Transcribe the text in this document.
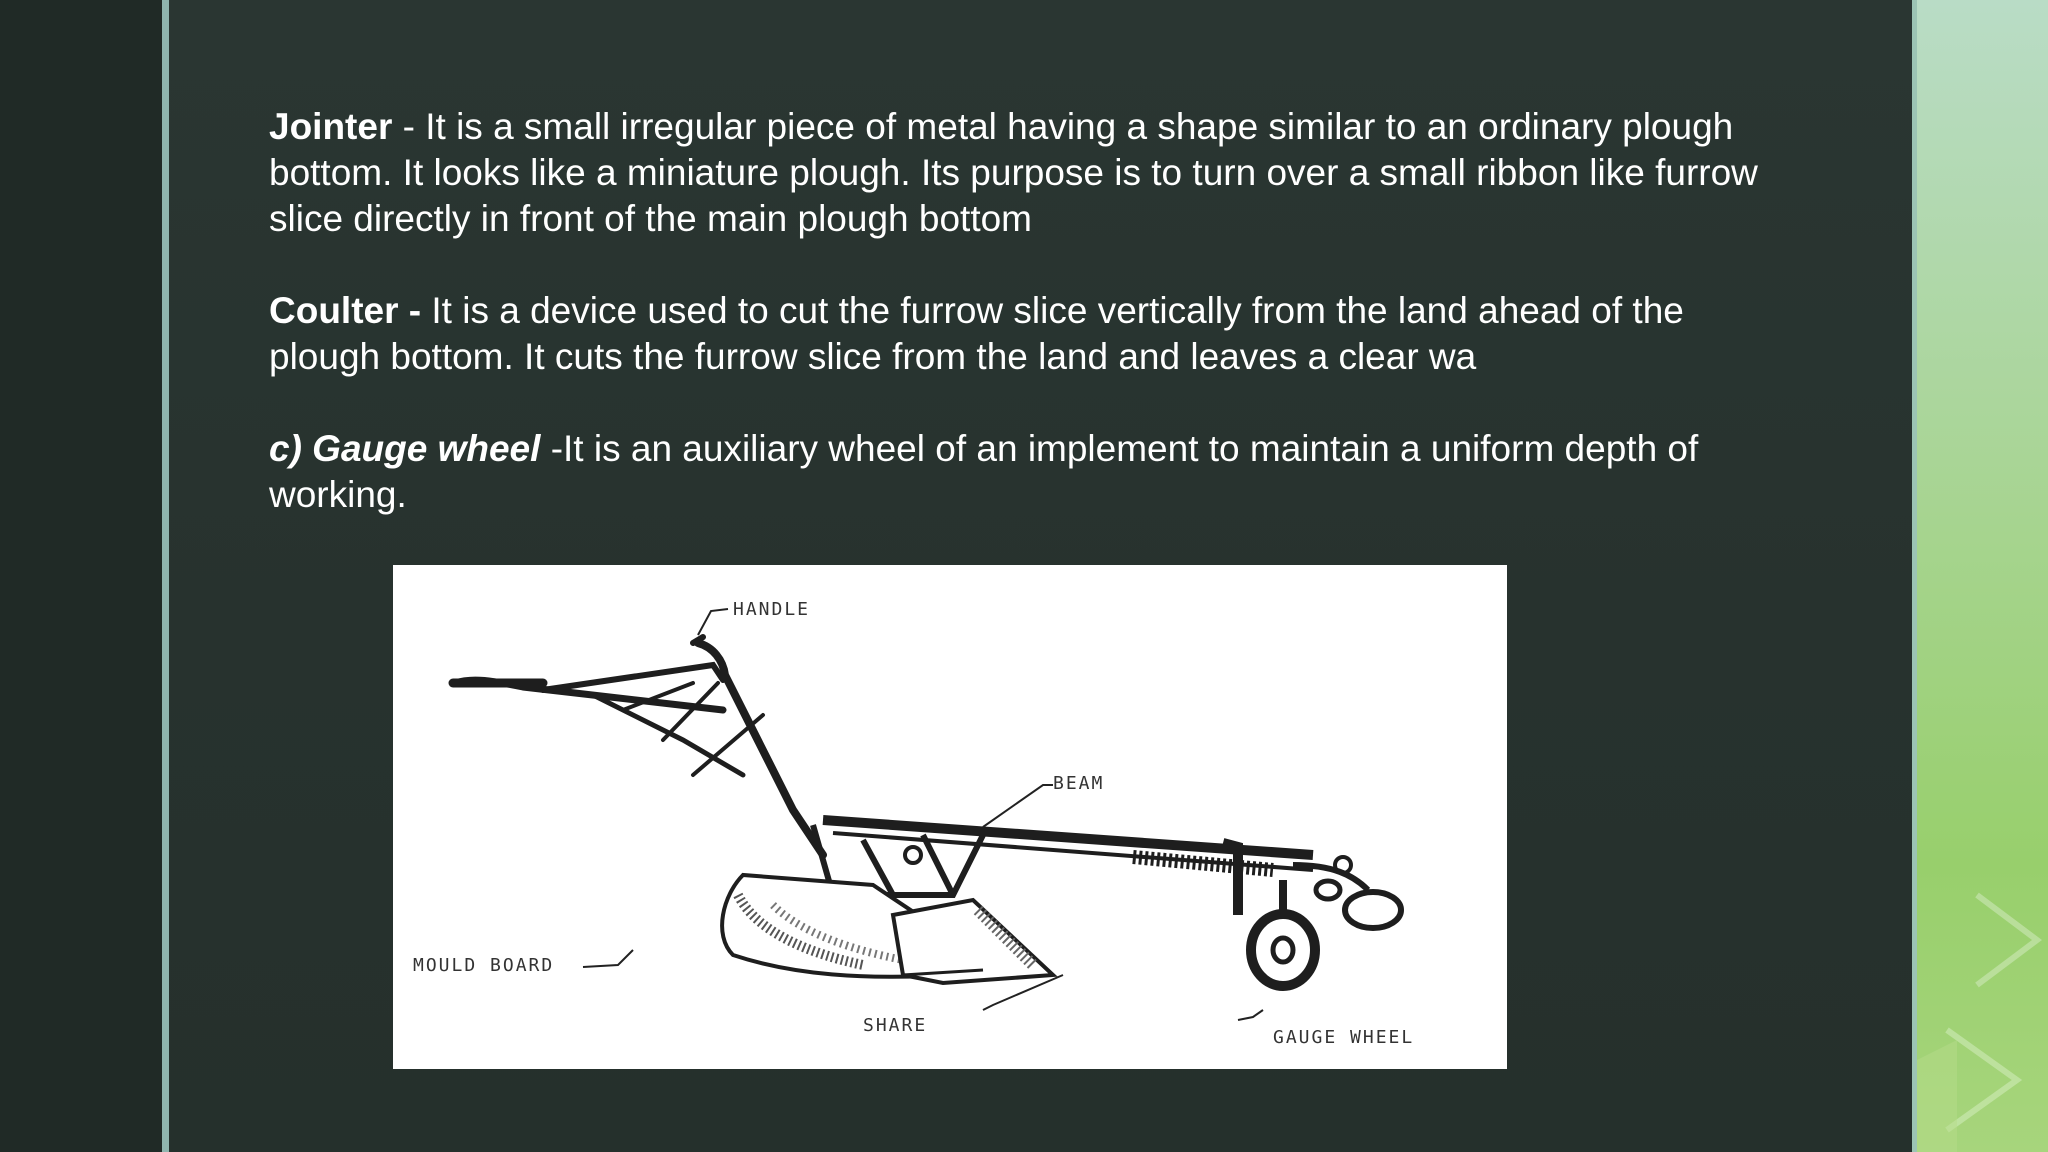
Jointer - It is a small irregular piece of metal having a shape similar to an ordinary plough bottom. It looks like a miniature plough. Its purpose is to turn over a small ribbon like furrow slice directly in front of the main plough bottom

Coulter - It is a device used to cut the furrow slice vertically from the land ahead of the plough bottom. It cuts the furrow slice from the land and leaves a clear wa

c) Gauge wheel -It is an auxiliary wheel of an implement to maintain a uniform depth of working.

HANDLE
BEAM
MOULD BOARD
SHARE
GAUGE WHEEL
